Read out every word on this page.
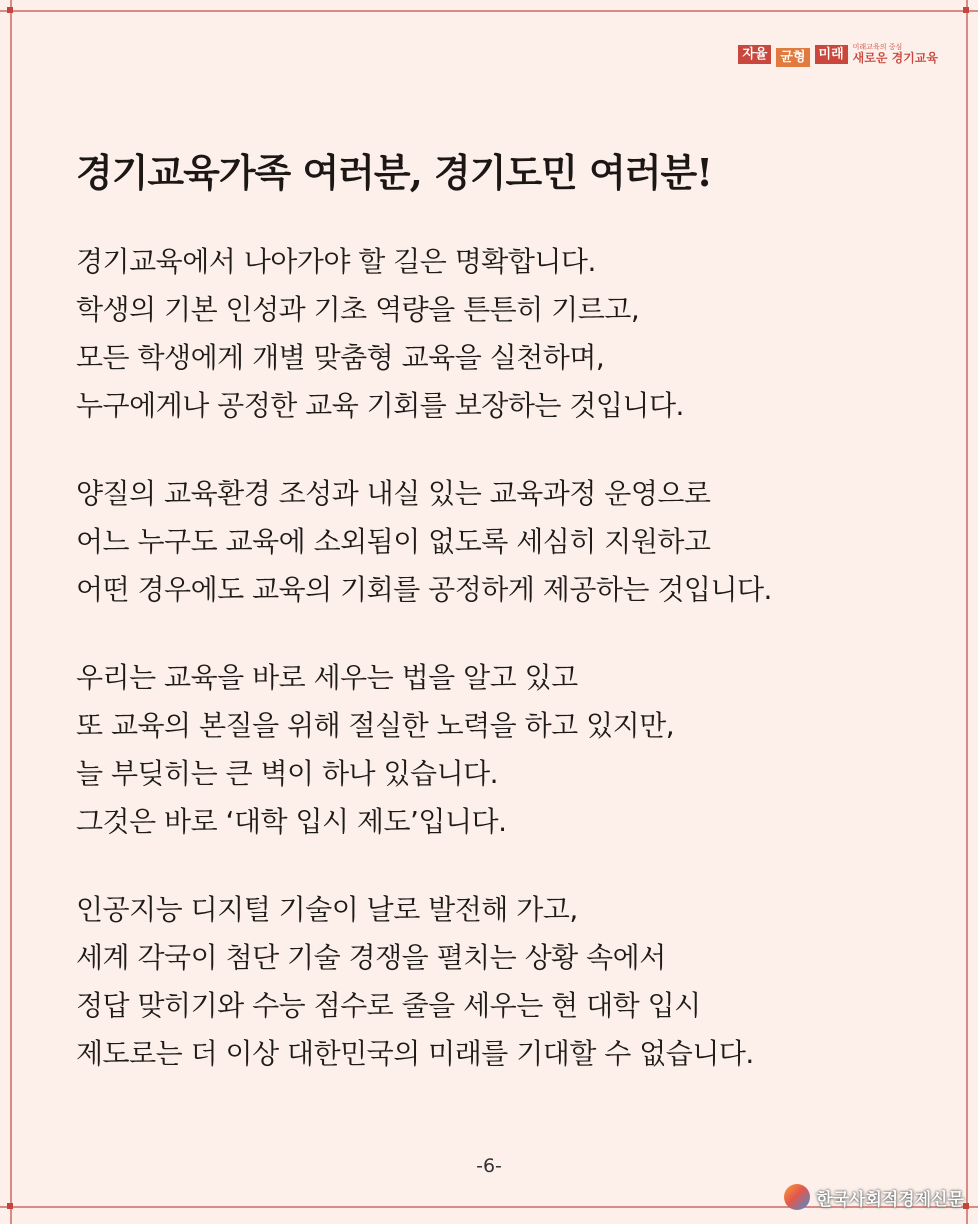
자율	균형	미래	미래교육의 중심
새로운 경기교육
경기교육가족 여러분, 경기도민 여러분!

경기교육에서 나아가야 할 길은 명확합니다.
학생의 기본 인성과 기초 역량을 튼튼히 기르고,
모든 학생에게 개별 맞춤형 교육을 실천하며,
누구에게나 공정한 교육 기회를 보장하는 것입니다.

양질의 교육환경 조성과 내실 있는 교육과정 운영으로
어느 누구도 교육에 소외됨이 없도록 세심히 지원하고
어떤 경우에도 교육의 기회를 공정하게 제공하는 것입니다.

우리는 교육을 바로 세우는 법을 알고 있고
또 교육의 본질을 위해 절실한 노력을 하고 있지만,
늘 부딪히는 큰 벽이 하나 있습니다.
그것은 바로 ‘대학 입시 제도’입니다.

인공지능 디지털 기술이 날로 발전해 가고,
세계 각국이 첨단 기술 경쟁을 펼치는 상황 속에서
정답 맞히기와 수능 점수로 줄을 세우는 현 대학 입시
제도로는 더 이상 대한민국의 미래를 기대할 수 없습니다.

-6-
한국사회적경제신문
